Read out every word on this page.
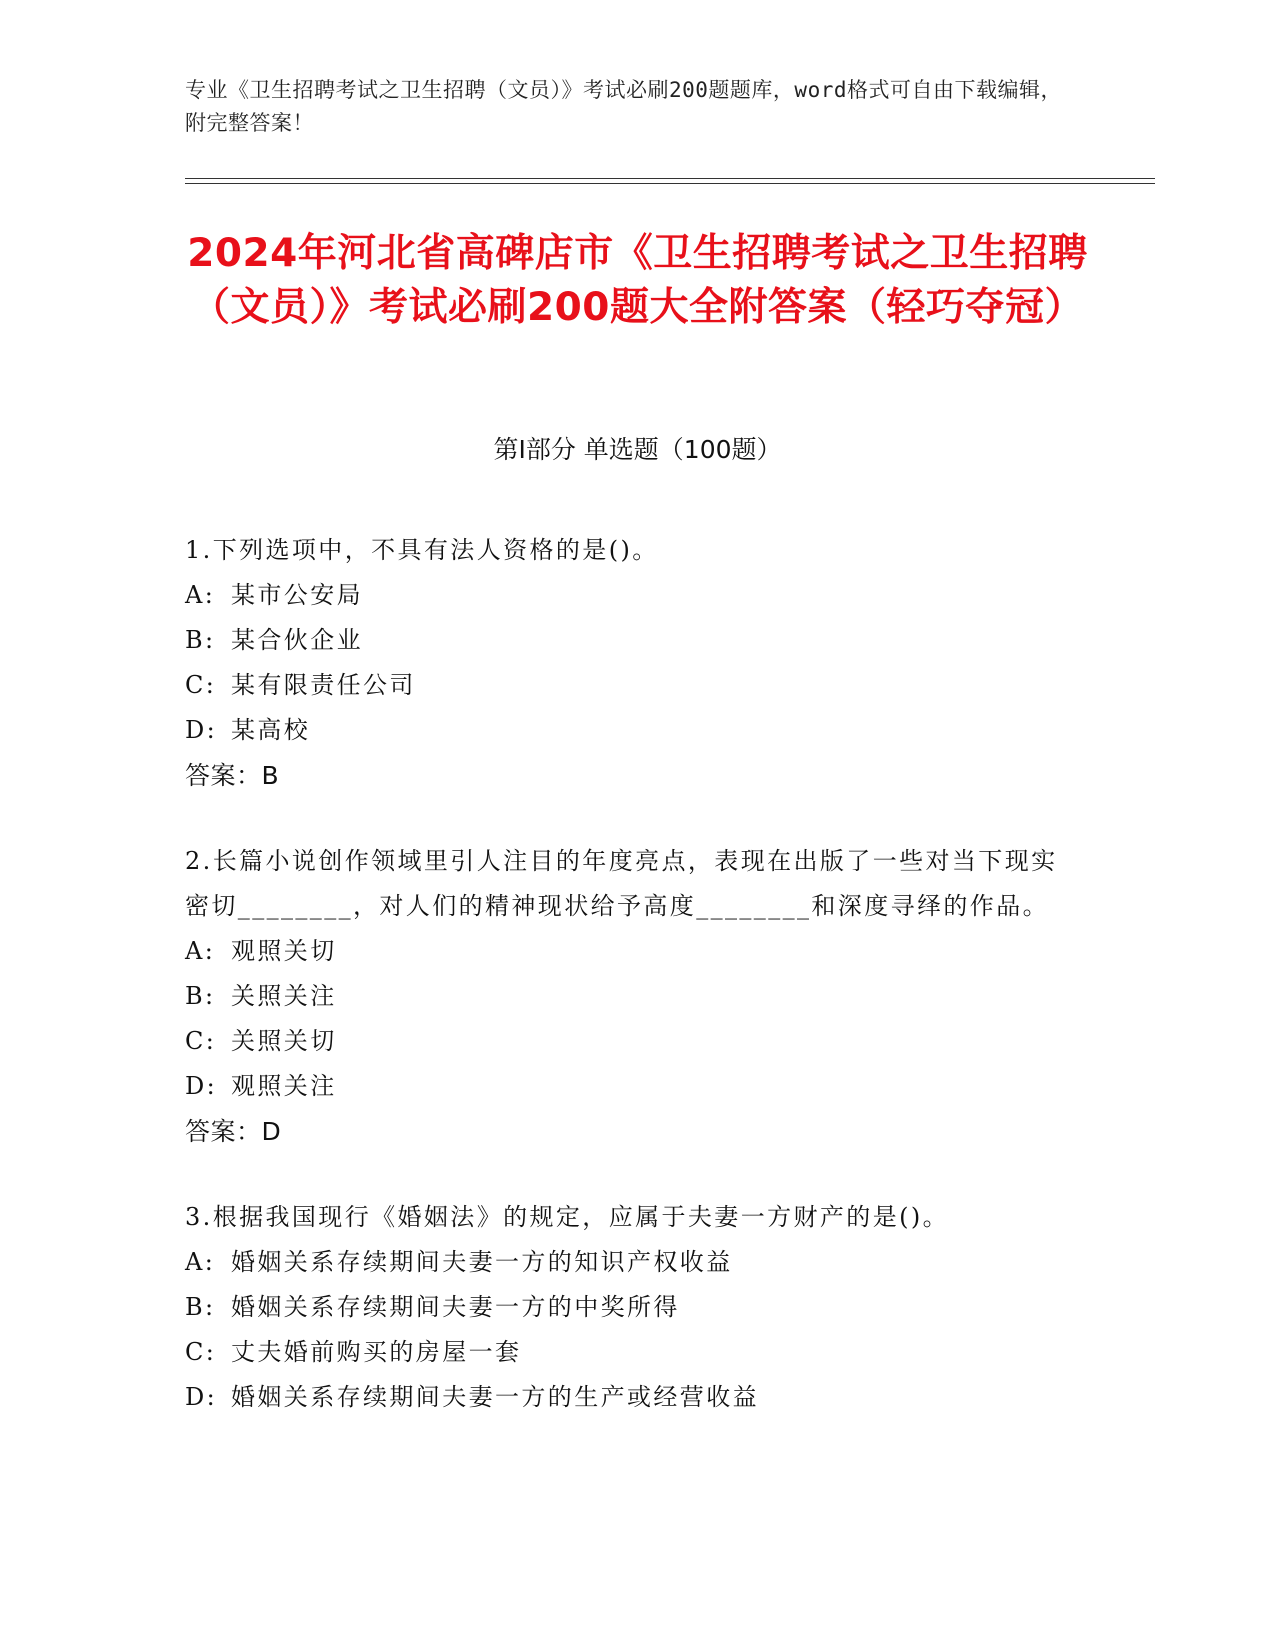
专业《卫生招聘考试之卫生招聘（文员）》考试必刷200题题库，word格式可自由下载编辑，附完整答案！
2024年河北省高碑店市《卫生招聘考试之卫生招聘（文员）》考试必刷200题大全附答案（轻巧夺冠）
第Ⅰ部分 单选题（100题）

1.下列选项中，不具有法人资格的是()。

A: 某市公安局
B: 某合伙企业
C: 某有限责任公司
D: 某高校
答案：B

2.长篇小说创作领域里引人注目的年度亮点，表现在出版了一些对当下现实密切________，对人们的精神现状给予高度________和深度寻绎的作品。

A: 观照关切
B: 关照关注
C: 关照关切
D: 观照关注
答案：D

3.根据我国现行《婚姻法》的规定，应属于夫妻一方财产的是()。

A: 婚姻关系存续期间夫妻一方的知识产权收益
B: 婚姻关系存续期间夫妻一方的中奖所得
C: 丈夫婚前购买的房屋一套
D: 婚姻关系存续期间夫妻一方的生产或经营收益
